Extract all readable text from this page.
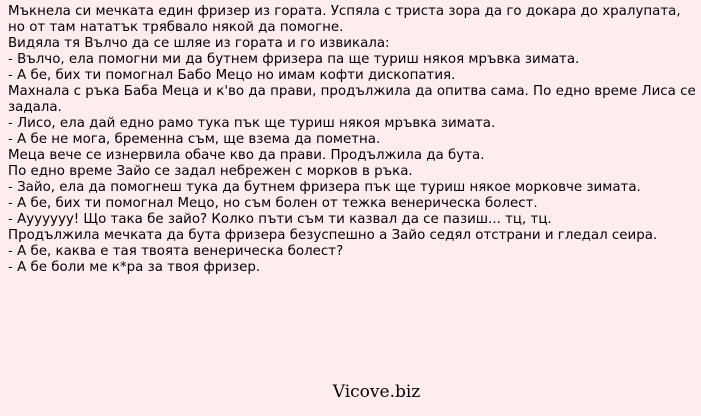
Мъкнела си мечката един фризер из гората. Успяла с триста зора да го докара до хралупата, но от там нататък трябвало някой да помогне.

Видяла тя Вълчо да се шляе из гората и го извикала:

- Вълчо, ела помогни ми да бутнем фризера па ще туриш някоя мръвка зимата.

- А бе, бих ти помогнал Бабо Мецо но имам кофти дископатия.

Махнала с ръка Баба Меца и к'во да прави, продължила да опитва сама. По едно време Лиса се задала.

- Лисо, ела дай едно рамо тука пък ще туриш някоя мръвка зимата.

- А бе не мога, бременна съм, ще взема да пометна.

Меца вече се изнервила обаче кво да прави. Продължила да бута.

По едно време Зайо се задал небрежен с морков в ръка.

- Зайо, ела да помогнеш тука да бутнем фризера пък ще туриш някое морковче зимата.

- А бе, бих ти помогнал Мецо, но съм болен от тежка венерическа болест.

- Ауууууу! Що така бе зайо? Колко пъти съм ти казвал да се пазиш... тц, тц.

Продължила мечката да бута фризера безуспешно а Зайо седял отстрани и гледал сеира.

- А бе, каква е тая твоята венерическа болест?

- А бе боли ме к*ра за твоя фризер.

Vicove.biz
